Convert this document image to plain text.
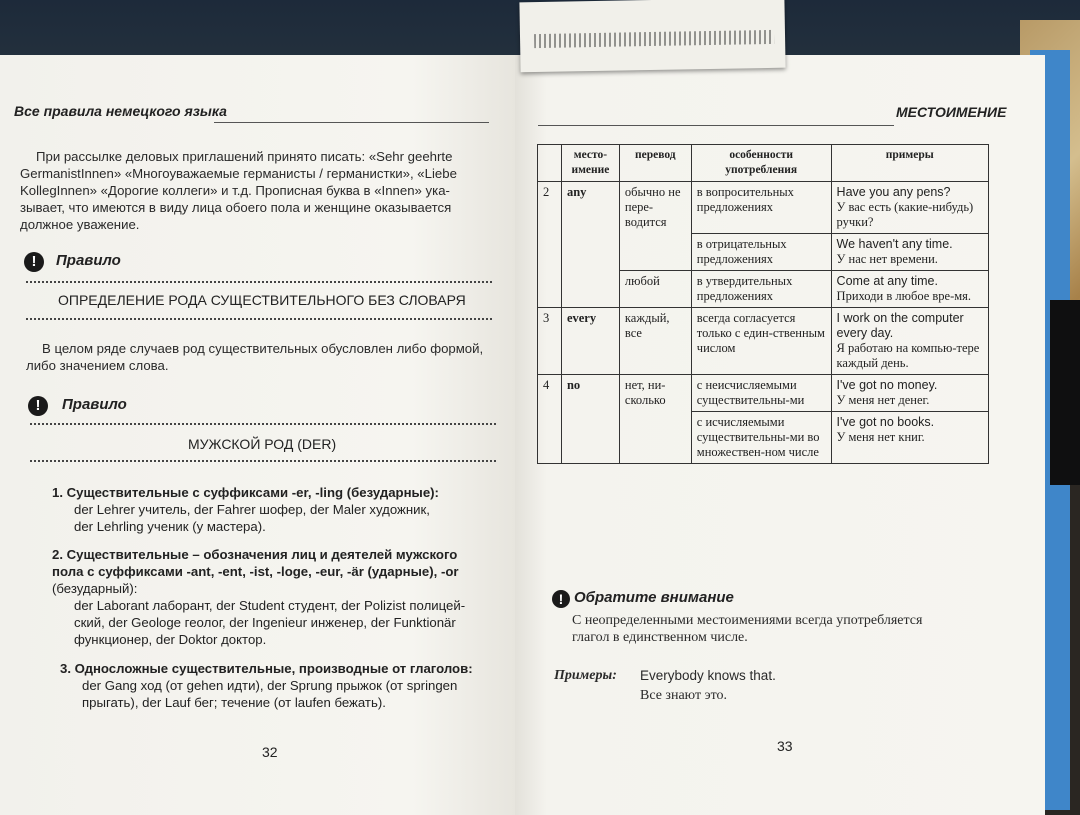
Все правила немецкого языка
При рассылке деловых приглашений принято писать: «Sehr geehrte
GermanistInnen» «Многоуважаемые германисты / германистки», «Liebe
KollegInnen» «Дорогие коллеги» и т.д. Прописная буква в «Innen» ука-
зывает, что имеются в виду лица обоего пола и женщине оказывается
должное уважение.
!	Правило
ОПРЕДЕЛЕНИЕ РОДА СУЩЕСТВИТЕЛЬНОГО БЕЗ СЛОВАРЯ
В целом ряде случаев род существительных обусловлен либо формой,
либо значением слова.
!	Правило
МУЖСКОЙ РОД (DER)
1. Существительные с суффиксами -er, -ling (безударные):
der Lehrer учитель, der Fahrer шофер, der Maler художник,
der Lehrling ученик (у мастера).
2. Существительные – обозначения лиц и деятелей мужского
пола с суффиксами -ant, -ent, -ist, -loge, -eur, -är (ударные), -or
(безударный):
der Laborant лаборант, der Student студент, der Polizist полицей-
ский, der Geologe геолог, der Ingenieur инженер, der Funktionär
функционер, der Doktor доктор.
3. Односложные существительные, производные от глаголов:
der Gang ход (от gehen идти), der Sprung прыжок (от springen
прыгать), der Lauf бег; течение (от laufen бежать).
32
МЕСТОИМЕНИЕ
	место-имение	перевод	особенности употребления	примеры
2	any	обычно не пере-водится	в вопросительных предложениях	Have you any pens?
У вас есть (какие-нибудь) ручки?

			в отрицательных предложениях	We haven't any time.
У нас нет времени.

		любой	в утвердительных предложениях	Come at any time.
Приходи в любое вре-мя.

3	every	каждый, все	всегда согласуется только с един-ственным числом	I work on the computer every day.
Я работаю на компью-тере каждый день.

4	no	нет, ни-сколько	с неисчисляемыми существительны-ми	I've got no money.
У меня нет денег.

			с исчисляемыми существительны-ми во множествен-ном числе	I've got no books.
У меня нет книг.
! Обратите внимание
С неопределенными местоимениями всегда употребляется
глагол в единственном числе.
Примеры: Everybody knows that.
Все знают это.
33
